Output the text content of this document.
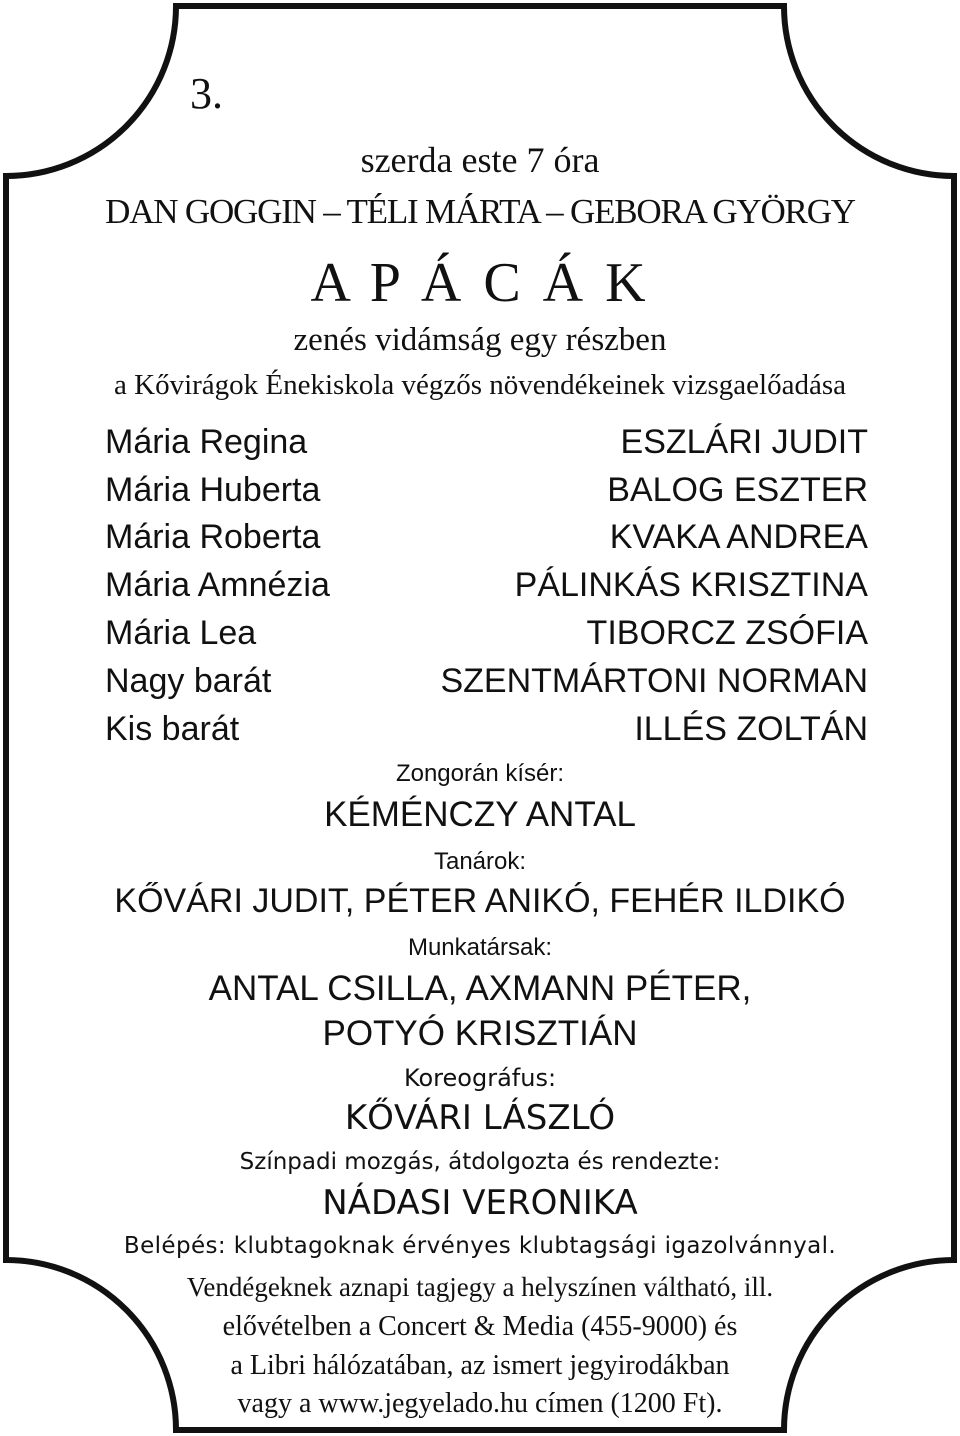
3.
szerda este 7 óra
DAN GOGGIN – TÉLI MÁRTA – GEBORA GYÖRGY
A P Á C Á K
zenés vidámság egy részben
a Kővirágok Énekiskola végzős növendékeinek vizsgaelőadása
Mária Regina	ESZLÁRI JUDIT
Mária Huberta	BALOG ESZTER
Mária Roberta	KVAKA ANDREA
Mária Amnézia	PÁLINKÁS KRISZTINA
Mária Lea	TIBORCZ ZSÓFIA
Nagy barát	SZENTMÁRTONI NORMAN
Kis barát	ILLÉS ZOLTÁN
Zongorán kísér:
KÉMÉNCZY ANTAL
Tanárok:
KŐVÁRI JUDIT, PÉTER ANIKÓ, FEHÉR ILDIKÓ
Munkatársak:
ANTAL CSILLA, AXMANN PÉTER,
POTYÓ KRISZTIÁN
Koreográfus:
KŐVÁRI LÁSZLÓ
Színpadi mozgás, átdolgozta és rendezte:
NÁDASI VERONIKA
Belépés: klubtagoknak érvényes klubtagsági igazolvánnyal.
Vendégeknek aznapi tagjegy a helyszínen váltható, ill.
elővételben a Concert & Media (455-9000) és
a Libri hálózatában, az ismert jegyirodákban
vagy a www.jegyelado.hu címen (1200 Ft).
